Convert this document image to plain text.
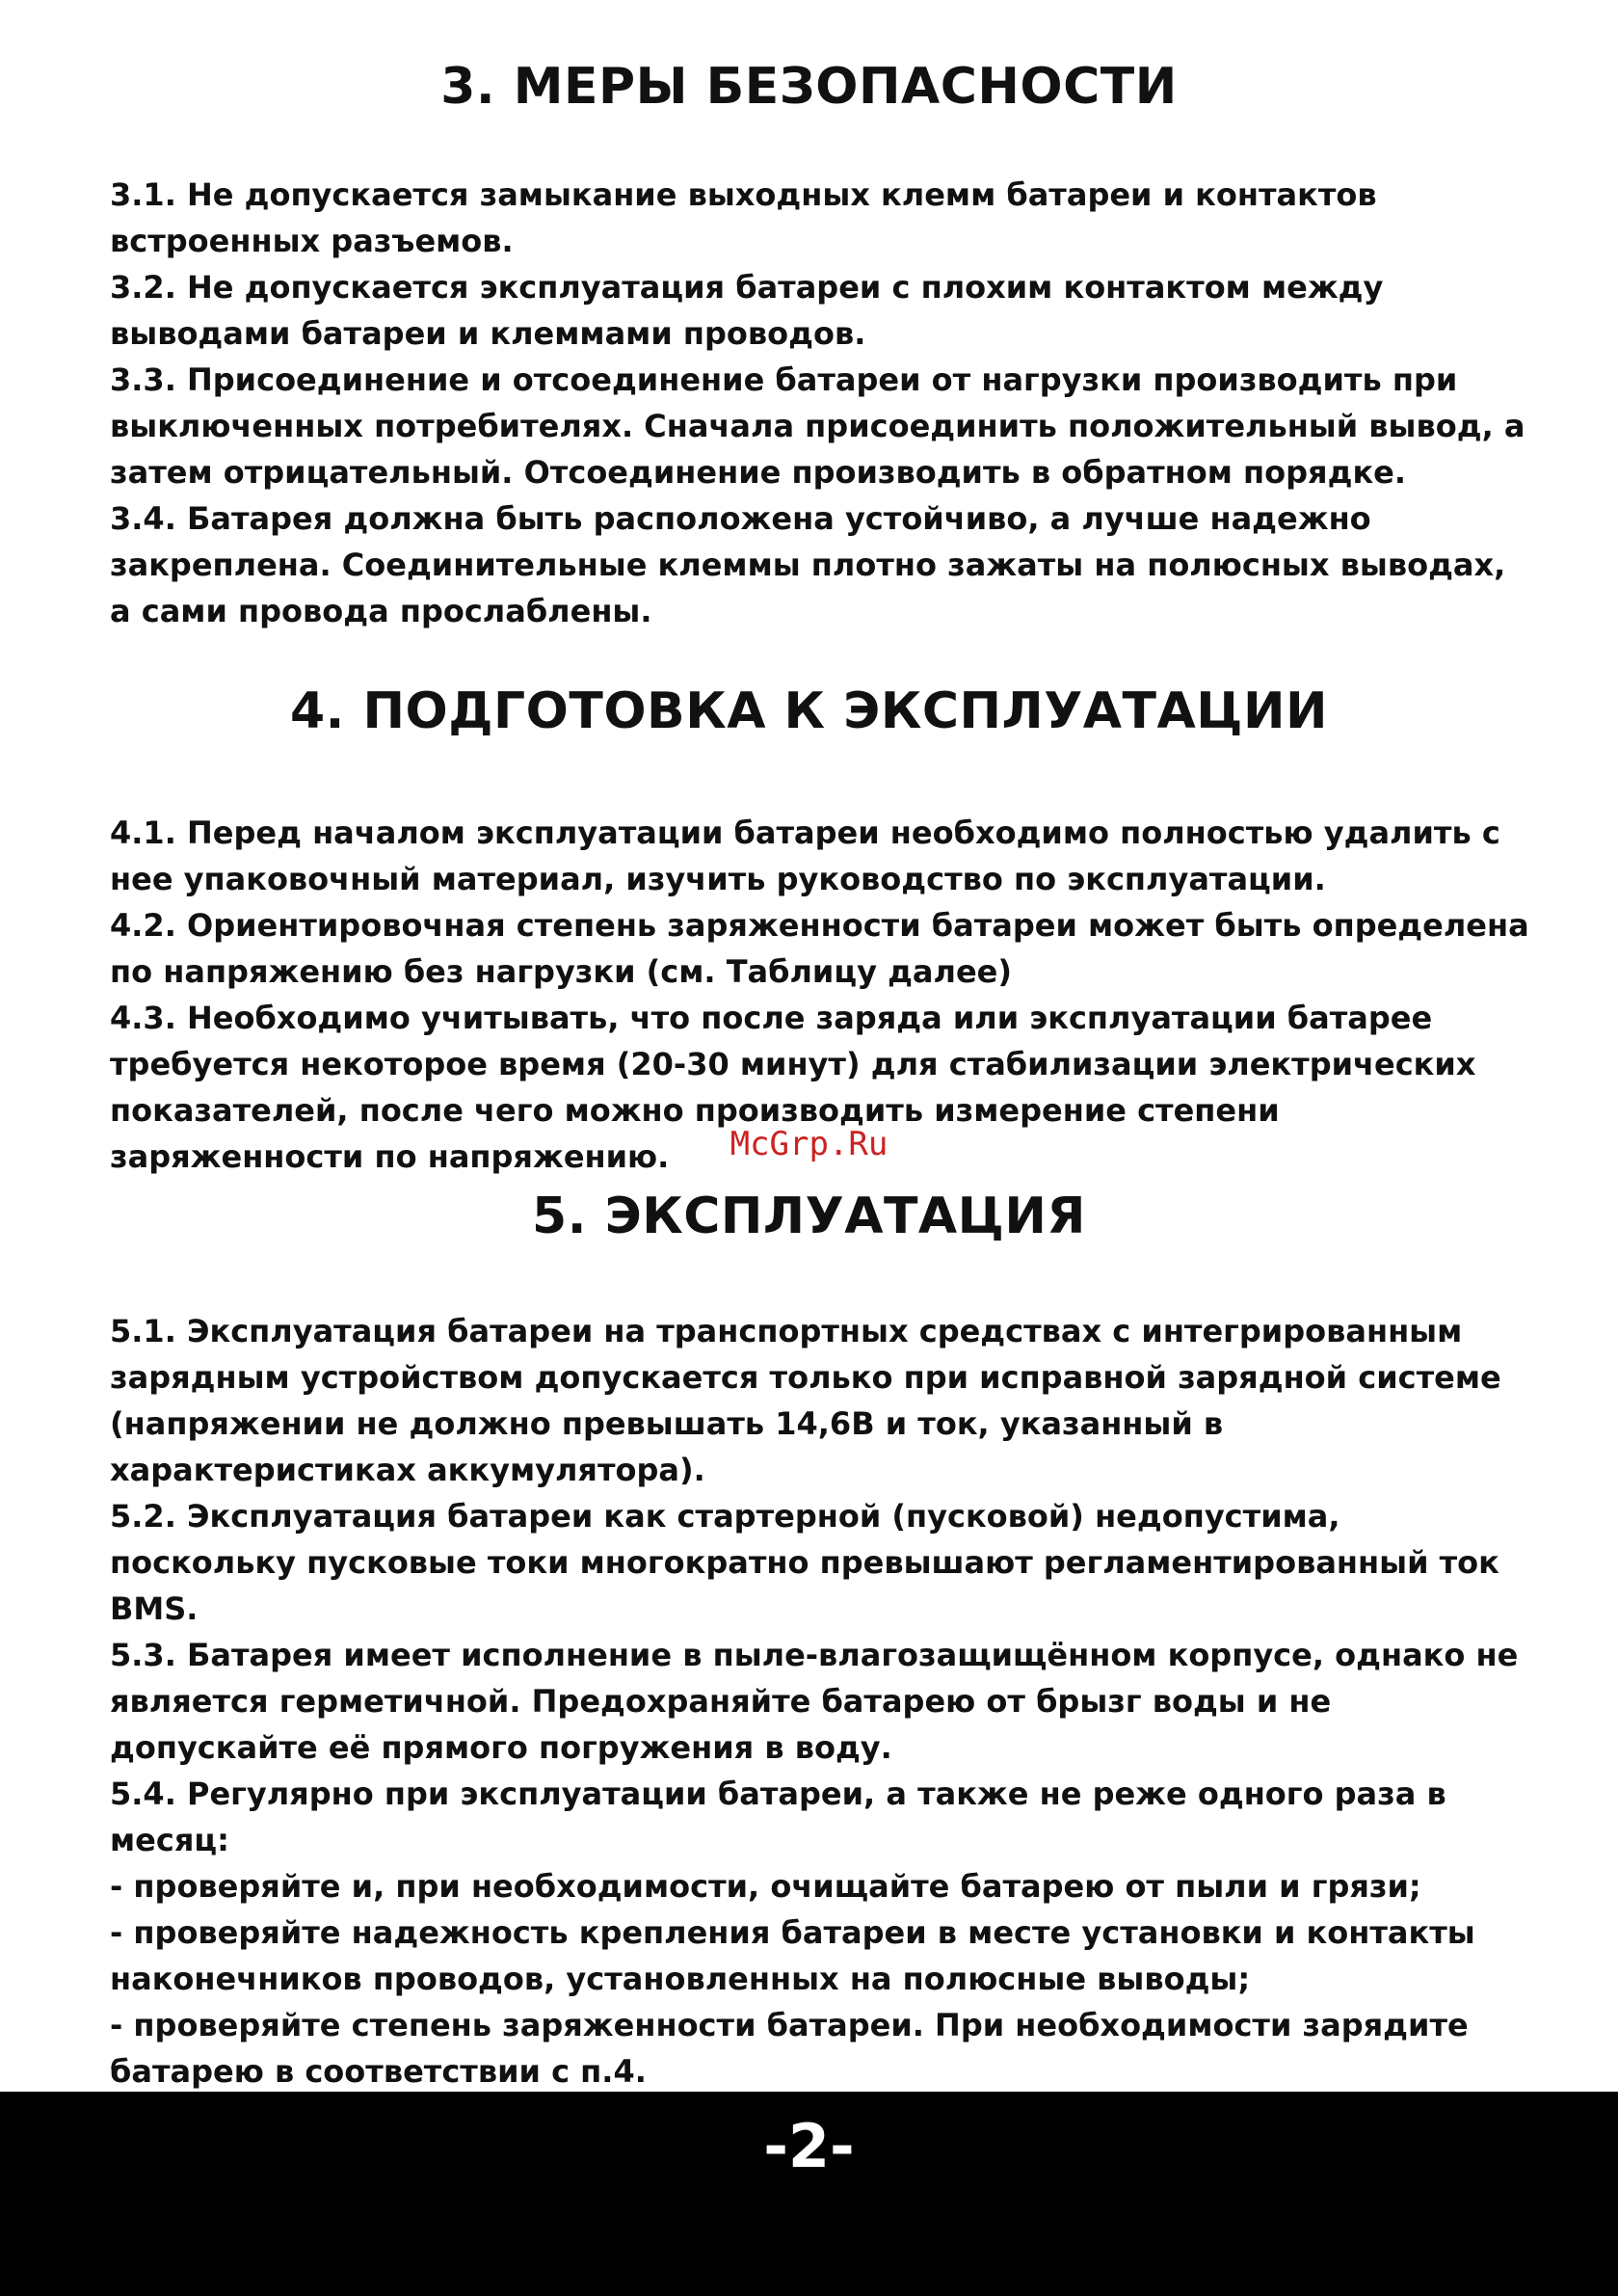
3. МЕРЫ БЕЗОПАСНОСТИ

3.1. Не допускается замыкание выходных клемм батареи и контактов встроенных разъемов.

3.2. Не допускается эксплуатация батареи с плохим контактом между выводами батареи и клеммами проводов.

3.3. Присоединение и отсоединение батареи от нагрузки производить при выключенных потребителях. Сначала присоединить положительный вывод, а затем отрицательный. Отсоединение производить в обратном порядке.

3.4. Батарея должна быть расположена устойчиво, а лучше надежно закреплена. Соединительные клеммы плотно зажаты на полюсных выводах, а сами провода прослаблены.

4. ПОДГОТОВКА К ЭКСПЛУАТАЦИИ

4.1. Перед началом эксплуатации батареи необходимо полностью удалить с нее упаковочный материал, изучить руководство по эксплуатации.

4.2. Ориентировочная степень заряженности батареи может быть определена по напряжению без нагрузки (см. Таблицу далее)

4.3. Необходимо учитывать, что после заряда или эксплуатации батарее требуется некоторое время (20-30 минут) для стабилизации электрических показателей, после чего можно производить измерение степени заряженности по напряжению.	McGrp.Ru
5. ЭКСПЛУАТАЦИЯ

5.1. Эксплуатация батареи на транспортных средствах с интегрированным зарядным устройством допускается только при исправной зарядной системе (напряжении не должно превышать 14,6В и ток, указанный в характеристиках аккумулятора).

5.2. Эксплуатация батареи как стартерной (пусковой) недопустима, поскольку пусковые токи многократно превышают регламентированный ток BMS.

5.3. Батарея имеет исполнение в пыле-влагозащищённом корпусе, однако не является герметичной. Предохраняйте батарею от брызг воды и не допускайте её прямого погружения в воду.

5.4. Регулярно при эксплуатации батареи, а также не реже одного раза в месяц:

- проверяйте и, при необходимости, очищайте батарею от пыли и грязи;

- проверяйте надежность крепления батареи в месте установки и контакты наконечников проводов, установленных на полюсные выводы;

- проверяйте степень заряженности батареи. При необходимости зарядите батарею в соответствии с п.4.

-2-
